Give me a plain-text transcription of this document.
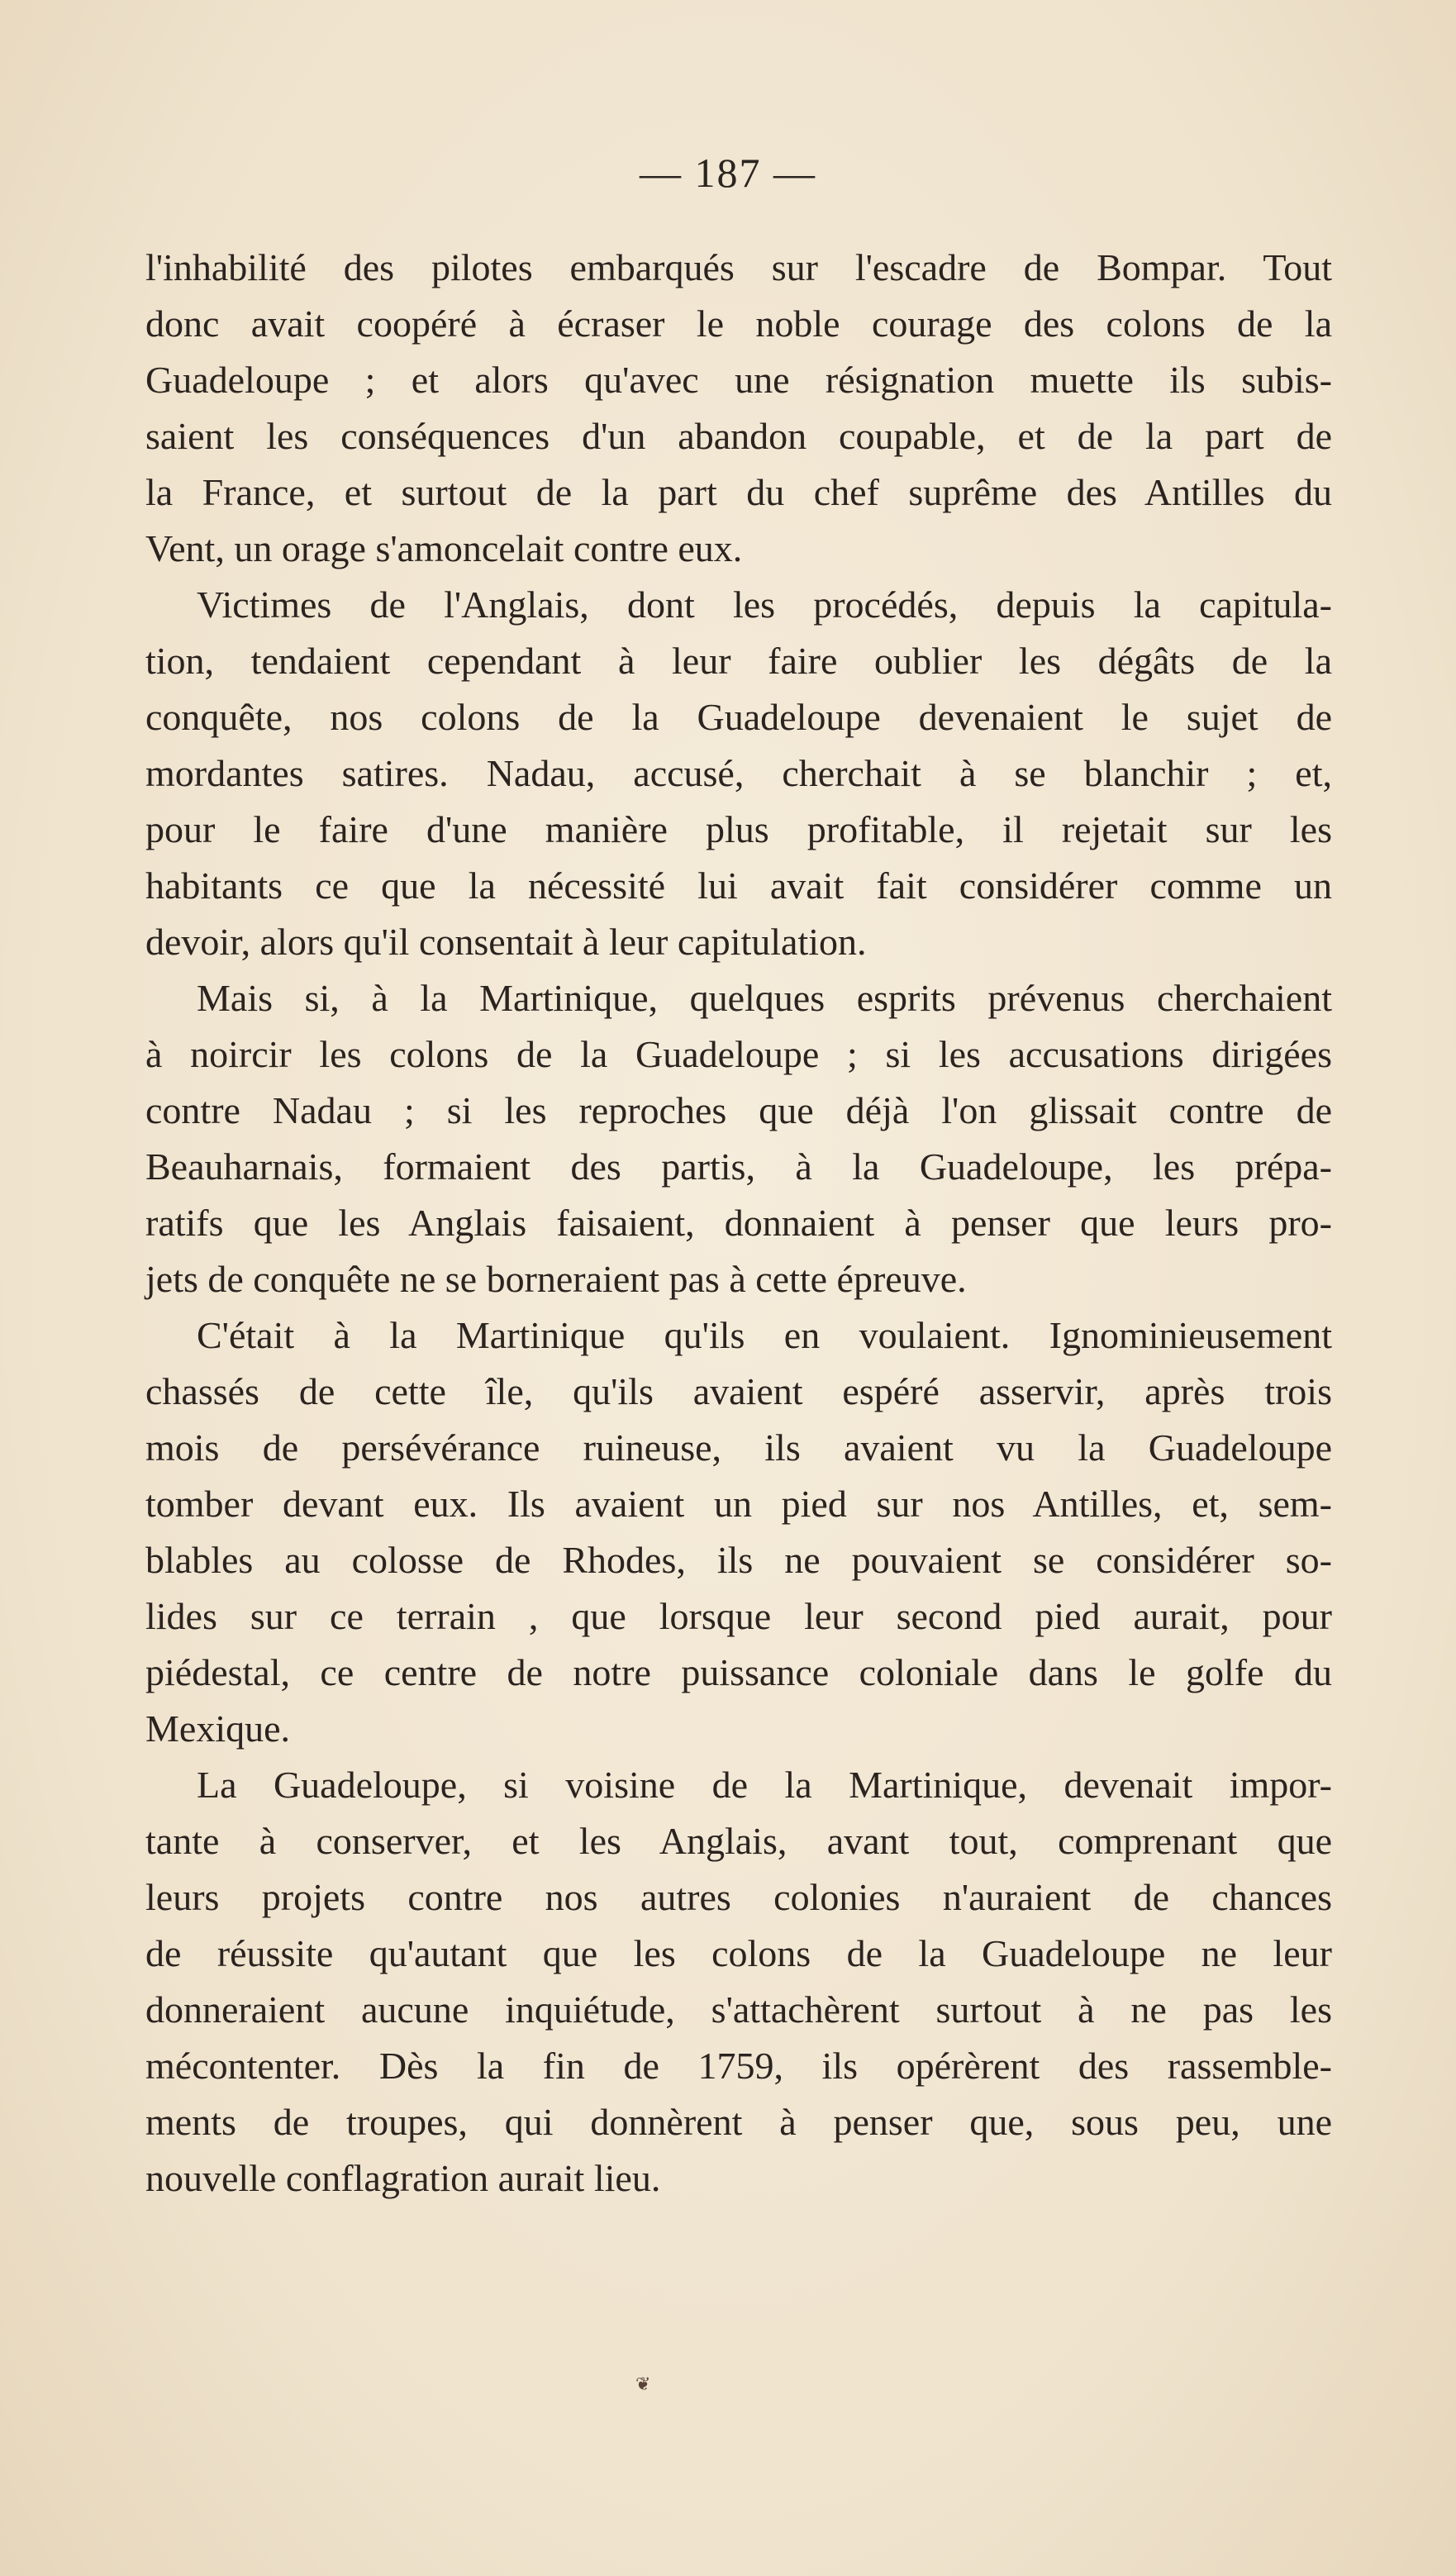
— 187 —
l'inhabilité des pilotes embarqués sur l'escadre de Bompar. Tout
donc avait coopéré à écraser le noble courage des colons de la
Guadeloupe ; et alors qu'avec une résignation muette ils subis-
saient les conséquences d'un abandon coupable, et de la part de
la France, et surtout de la part du chef suprême des Antilles du
Vent, un orage s'amoncelait contre eux.
Victimes de l'Anglais, dont les procédés, depuis la capitula-
tion, tendaient cependant à leur faire oublier les dégâts de la
conquête, nos colons de la Guadeloupe devenaient le sujet de
mordantes satires. Nadau, accusé, cherchait à se blanchir ; et,
pour le faire d'une manière plus profitable, il rejetait sur les
habitants ce que la nécessité lui avait fait considérer comme un
devoir, alors qu'il consentait à leur capitulation.
Mais si, à la Martinique, quelques esprits prévenus cherchaient
à noircir les colons de la Guadeloupe ; si les accusations dirigées
contre Nadau ; si les reproches que déjà l'on glissait contre de
Beauharnais, formaient des partis, à la Guadeloupe, les prépa-
ratifs que les Anglais faisaient, donnaient à penser que leurs pro-
jets de conquête ne se borneraient pas à cette épreuve.
C'était à la Martinique qu'ils en voulaient. Ignominieusement
chassés de cette île, qu'ils avaient espéré asservir, après trois
mois de persévérance ruineuse, ils avaient vu la Guadeloupe
tomber devant eux. Ils avaient un pied sur nos Antilles, et, sem-
blables au colosse de Rhodes, ils ne pouvaient se considérer so-
lides sur ce terrain , que lorsque leur second pied aurait, pour
piédestal, ce centre de notre puissance coloniale dans le golfe du
Mexique.
La Guadeloupe, si voisine de la Martinique, devenait impor-
tante à conserver, et les Anglais, avant tout, comprenant que
leurs projets contre nos autres colonies n'auraient de chances
de réussite qu'autant que les colons de la Guadeloupe ne leur
donneraient aucune inquiétude, s'attachèrent surtout à ne pas les
mécontenter. Dès la fin de 1759, ils opérèrent des rassemble-
ments de troupes, qui donnèrent à penser que, sous peu, une
nouvelle conflagration aurait lieu.
❦
